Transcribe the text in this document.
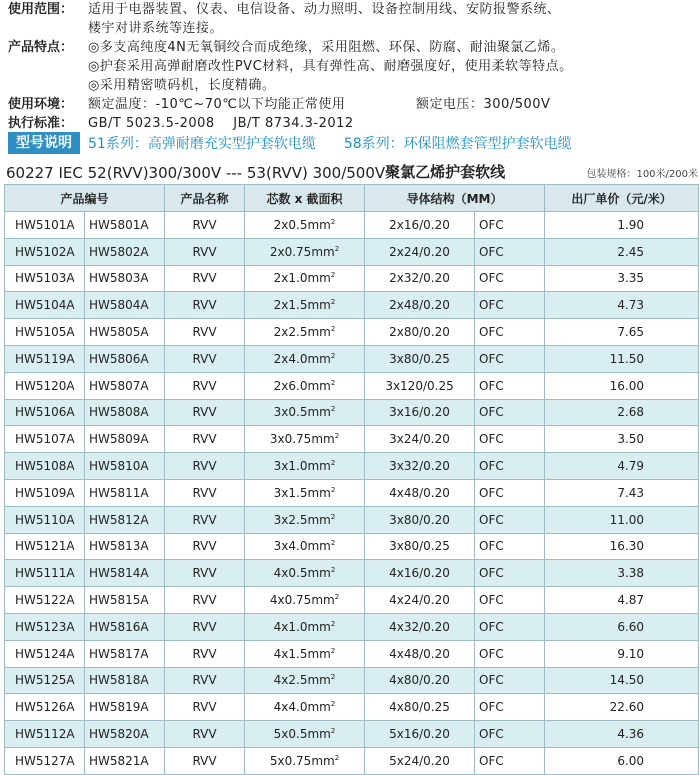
使用范围：	适用于电器装置、仪表、电信设备、动力照明、设备控制用线、安防报警系统、
楼宇对讲系统等连接。
产品特点：	◎多支高纯度4N无氧铜绞合而成绝缘，采用阻燃、环保、防腐、耐油聚氯乙烯。
◎护套采用高弹耐磨改性PVC材料，具有弹性高、耐磨强度好，使用柔软等特点。
◎采用精密喷码机，长度精确。
使用环境：	额定温度：-10℃~70℃以下均能正常使用	额定电压：300/500V
执行标准：	GB/T 5023.5-2008    JB/T 8734.3-2012
型号说明	51系列：高弹耐磨充实型护套软电缆 58系列：环保阻燃套管型护套软电缆
60227 IEC 52(RVV)300/300V --- 53(RVV) 300/500V 聚氯乙烯护套软线	包装规格：100米/200米
产品编号		产品名称	芯数 x 截面积	导体结构（MM）		出厂单价（元/米）
HW5101A	HW5801A	RVV	$2x0.5mm^2$	2x16/0.20	OFC	1.90
HW5102A	HW5802A	RVV	$2x0.75mm^2$	2x24/0.20	OFC	2.45
HW5103A	HW5803A	RVV	$2x1.0mm^2$	2x32/0.20	OFC	3.35
HW5104A	HW5804A	RVV	$2x1.5mm^2$	2x48/0.20	OFC	4.73
HW5105A	HW5805A	RVV	$2x2.5mm^2$	2x80/0.20	OFC	7.65
HW5119A	HW5806A	RVV	$2x4.0mm^2$	3x80/0.25	OFC	11.50
HW5120A	HW5807A	RVV	$2x6.0mm^2$	3x120/0.25	OFC	16.00
HW5106A	HW5808A	RVV	$3x0.5mm^2$	3x16/0.20	OFC	2.68
HW5107A	HW5809A	RVV	$3x0.75mm^2$	3x24/0.20	OFC	3.50
HW5108A	HW5810A	RVV	$3x1.0mm^2$	3x32/0.20	OFC	4.79
HW5109A	HW5811A	RVV	$3x1.5mm^2$	4x48/0.20	OFC	7.43
HW5110A	HW5812A	RVV	$3x2.5mm^2$	3x80/0.20	OFC	11.00
HW5121A	HW5813A	RVV	$3x4.0mm^2$	3x80/0.25	OFC	16.30
HW5111A	HW5814A	RVV	$4x0.5mm^2$	4x16/0.20	OFC	3.38
HW5122A	HW5815A	RVV	$4x0.75mm^2$	4x24/0.20	OFC	4.87
HW5123A	HW5816A	RVV	$4x1.0mm^2$	4x32/0.20	OFC	6.60
HW5124A	HW5817A	RVV	$4x1.5mm^2$	4x48/0.20	OFC	9.10
HW5125A	HW5818A	RVV	$4x2.5mm^2$	4x80/0.20	OFC	14.50
HW5126A	HW5819A	RVV	$4x4.0mm^2$	4x80/0.25	OFC	22.60
HW5112A	HW5820A	RVV	$5x0.5mm^2$	5x16/0.20	OFC	4.36
HW5127A	HW5821A	RVV	$5x0.75mm^2$	5x24/0.20	OFC	6.00
